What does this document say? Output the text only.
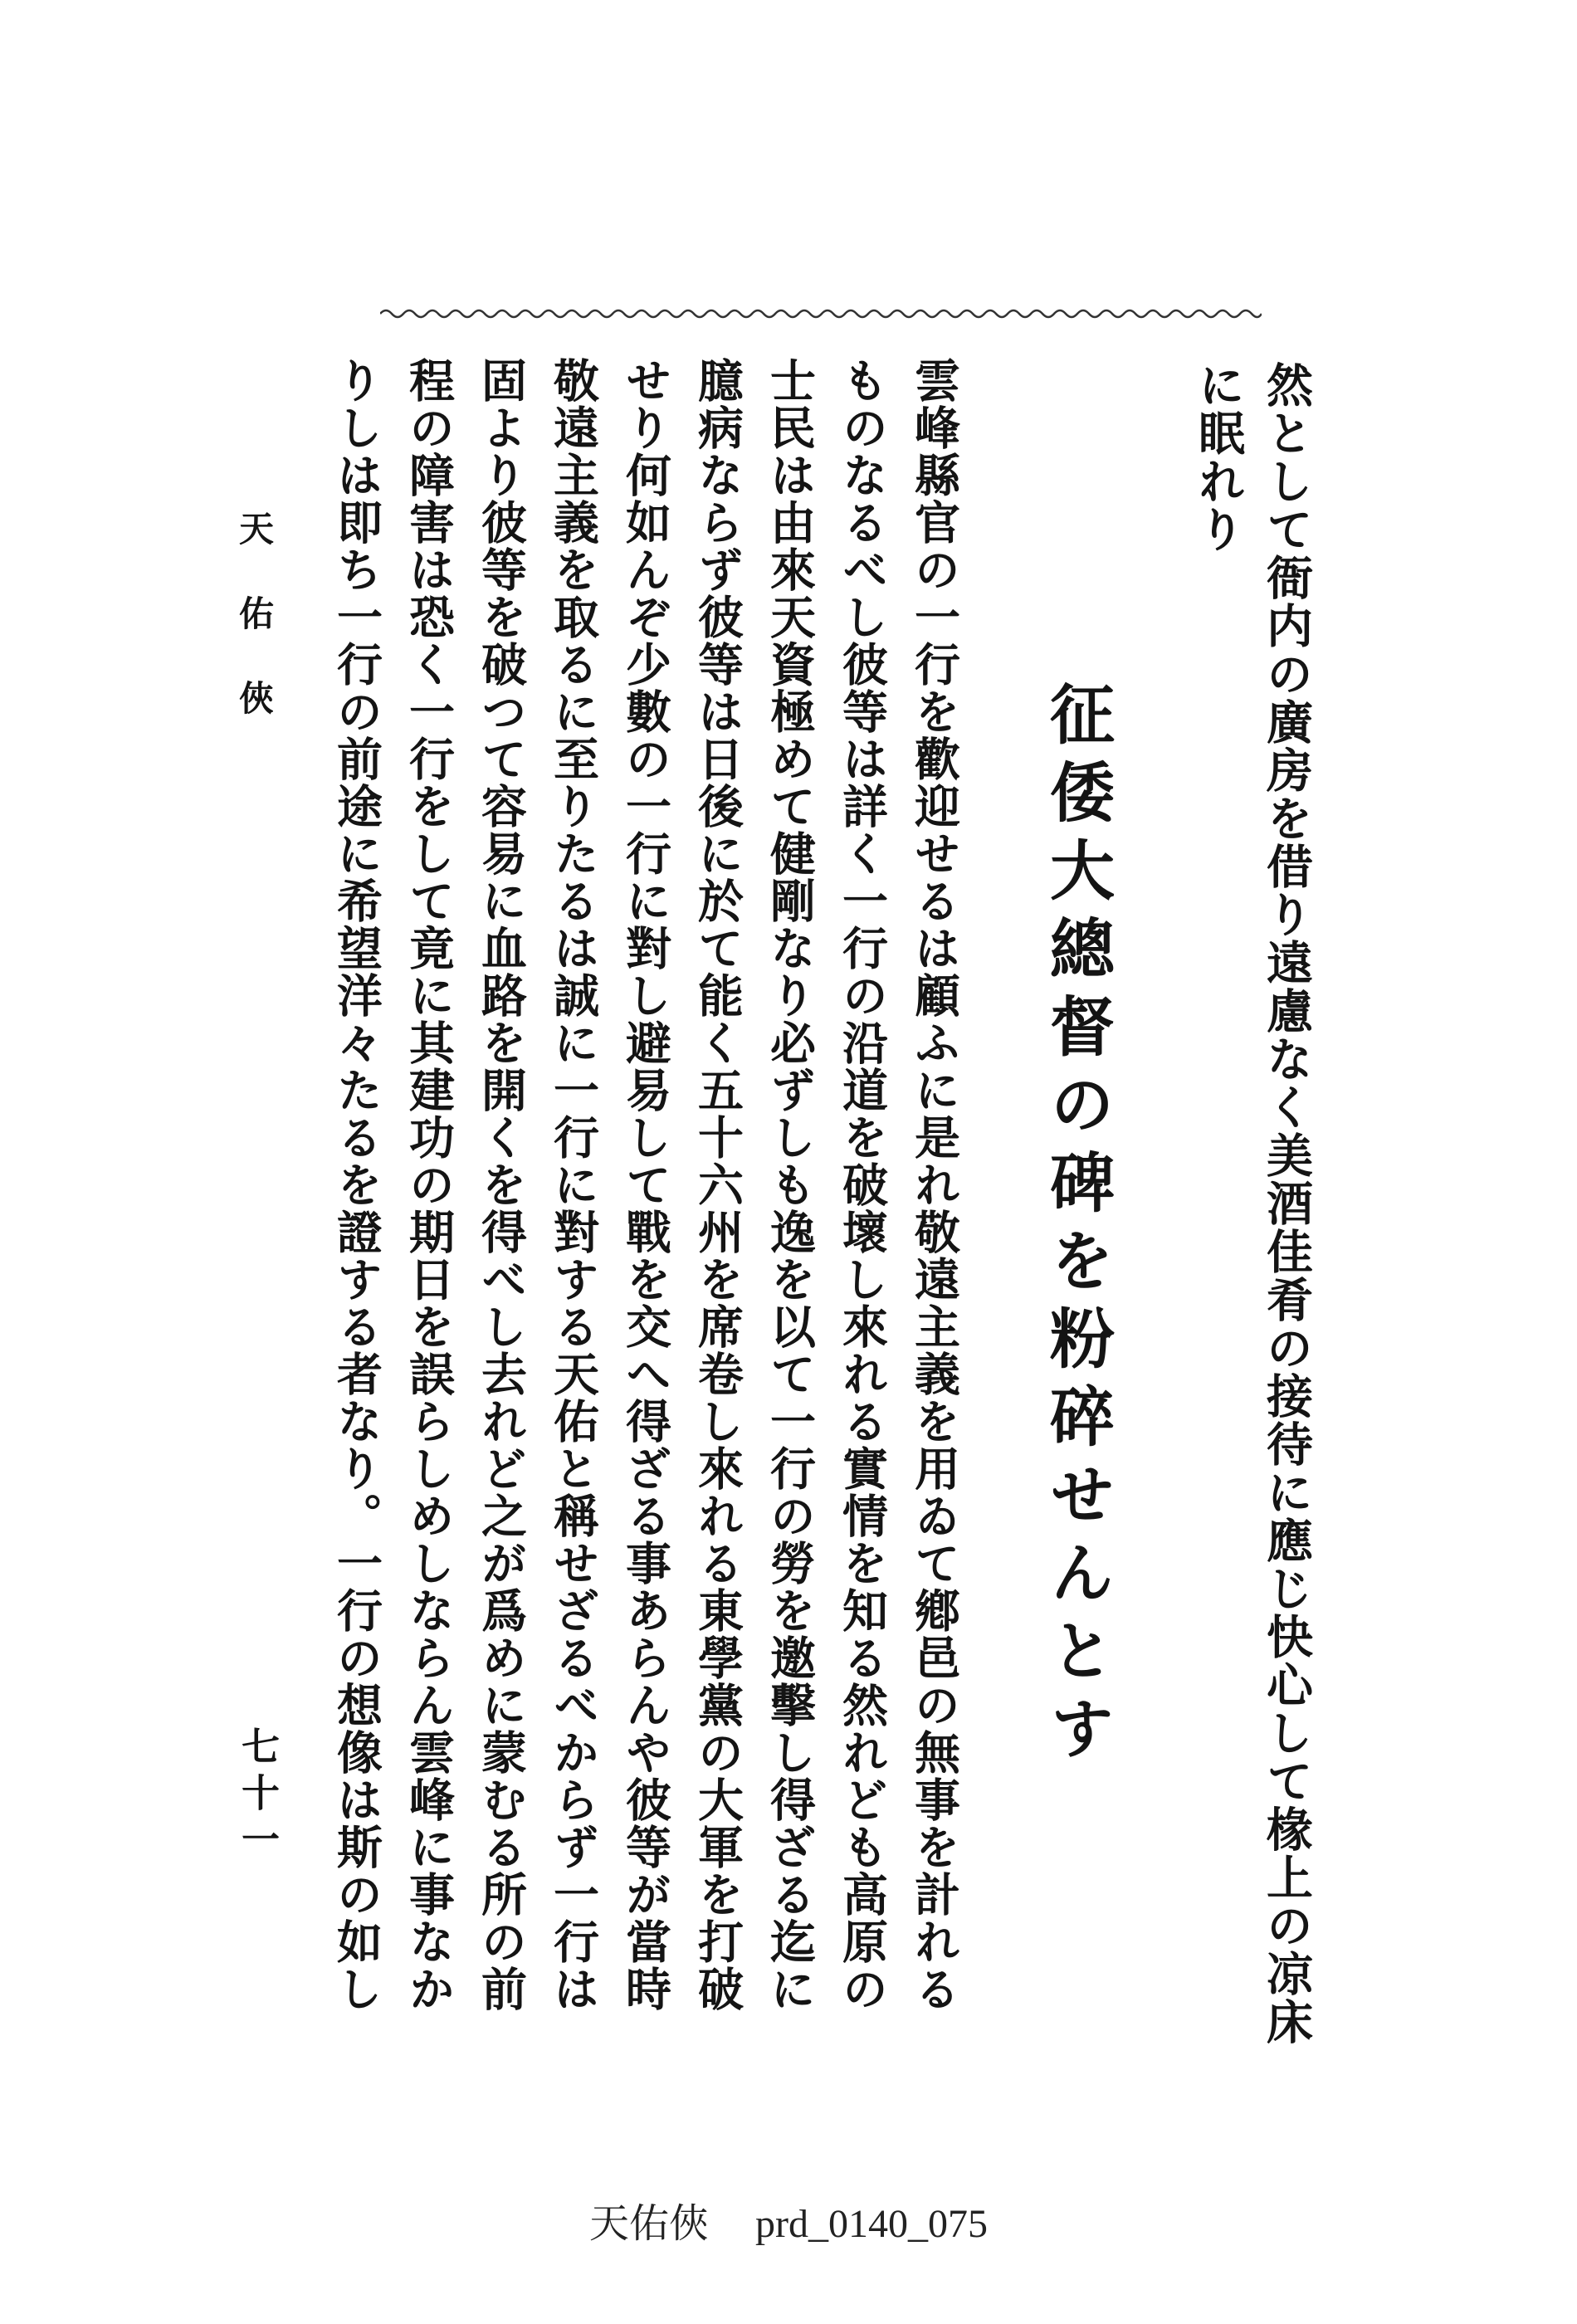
然として衙内の廣房を借り遠慮なく美酒佳肴の接待に應じ快心して椽上の凉床
に眠れり
征倭大總督の碑を粉碎せんとす
雲峰縣官の一行を歡迎せるは顧ふに是れ敬遠主義を用ゐて鄕邑の無事を計れる
ものなるべし彼等は詳く一行の沿道を破壞し來れる實情を知る然れども高原の
士民は由來天資極めて健剛なり必ずしも逸を以て一行の勞を邀擊し得ざる迄に
臆病ならず彼等は日後に於て能く五十六州を席卷し來れる東學黨の大軍を打破
せり何如んぞ少數の一行に對し避易して戰を交へ得ざる事あらんや彼等が當時
敬遠主義を取るに至りたるは誠に一行に對する天佑と稱せざるべからず一行は
固より彼等を破つて容易に血路を開くを得べし去れど之が爲めに蒙むる所の前
程の障害は恐く一行をして竟に其建功の期日を誤らしめしならん雲峰に事なか
りしは即ち一行の前途に希望洋々たるを證する者なり。一行の想像は斯の如し
天佑俠
七十一
天佑俠 prd_0140_075
